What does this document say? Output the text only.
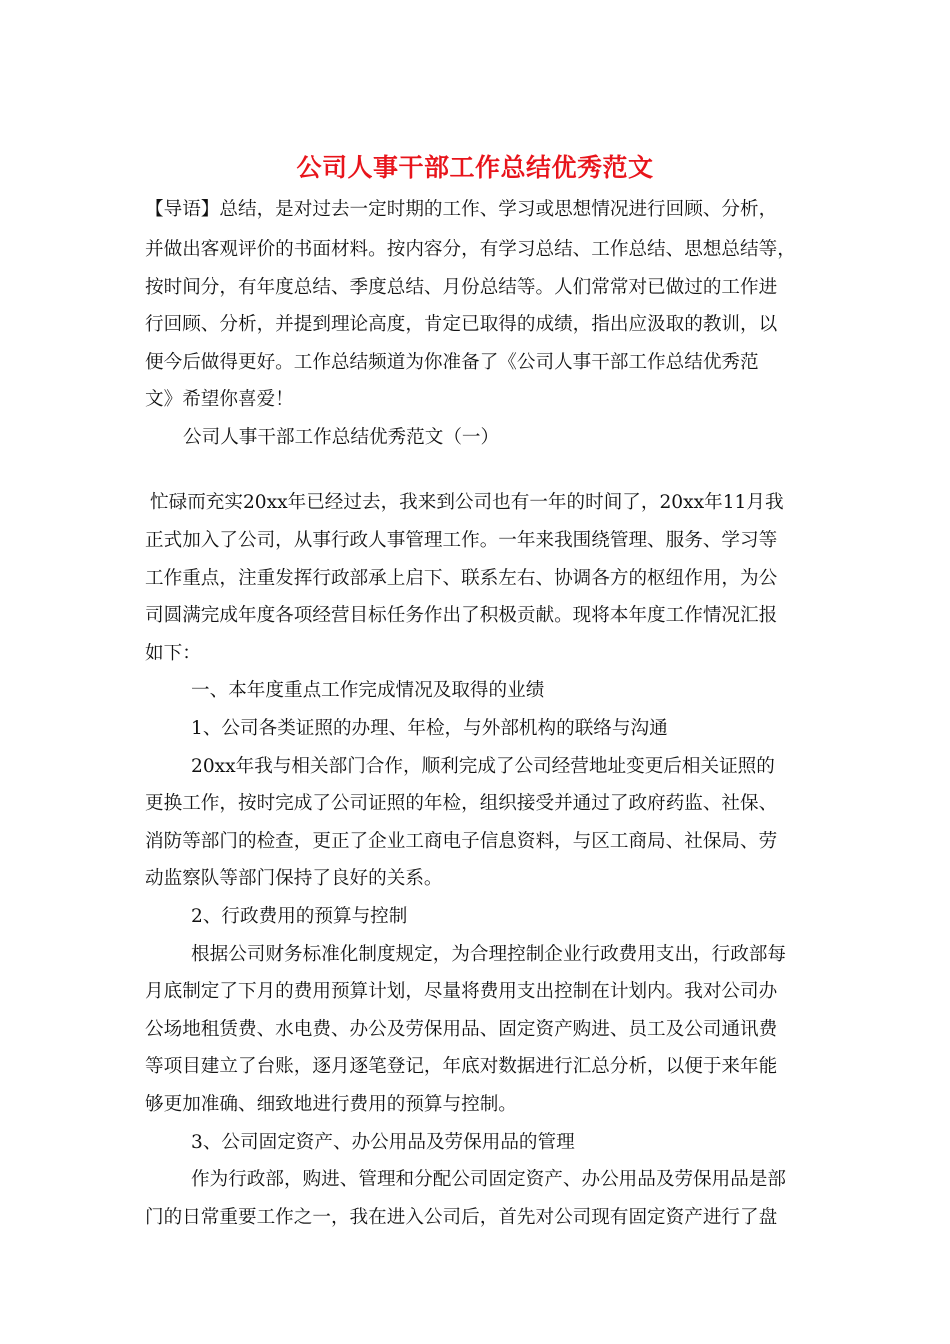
公司人事干部工作总结优秀范文

【导语】总结，是对过去一定时期的工作、学习或思想情况进行回顾、分析，

并做出客观评价的书面材料。按内容分，有学习总结、工作总结、思想总结等，

按时间分，有年度总结、季度总结、月份总结等。人们常常对已做过的工作进

行回顾、分析，并提到理论高度，肯定已取得的成绩，指出应汲取的教训，以

便今后做得更好。工作总结频道为你准备了《公司人事干部工作总结优秀范

文》希望你喜爱！

公司人事干部工作总结优秀范文（一）

忙碌而充实20xx年已经过去，我来到公司也有一年的时间了，20xx年11月我

正式加入了公司，从事行政人事管理工作。一年来我围绕管理、服务、学习等

工作重点，注重发挥行政部承上启下、联系左右、协调各方的枢纽作用，为公

司圆满完成年度各项经营目标任务作出了积极贡献。现将本年度工作情况汇报

如下：

一、本年度重点工作完成情况及取得的业绩

1、公司各类证照的办理、年检，与外部机构的联络与沟通

20xx年我与相关部门合作，顺利完成了公司经营地址变更后相关证照的

更换工作，按时完成了公司证照的年检，组织接受并通过了政府药监、社保、

消防等部门的检查，更正了企业工商电子信息资料，与区工商局、社保局、劳

动监察队等部门保持了良好的关系。

2、行政费用的预算与控制

根据公司财务标准化制度规定，为合理控制企业行政费用支出，行政部每

月底制定了下月的费用预算计划，尽量将费用支出控制在计划内。我对公司办

公场地租赁费、水电费、办公及劳保用品、固定资产购进、员工及公司通讯费

等项目建立了台账，逐月逐笔登记，年底对数据进行汇总分析，以便于来年能

够更加准确、细致地进行费用的预算与控制。

3、公司固定资产、办公用品及劳保用品的管理

作为行政部，购进、管理和分配公司固定资产、办公用品及劳保用品是部

门的日常重要工作之一，我在进入公司后，首先对公司现有固定资产进行了盘
